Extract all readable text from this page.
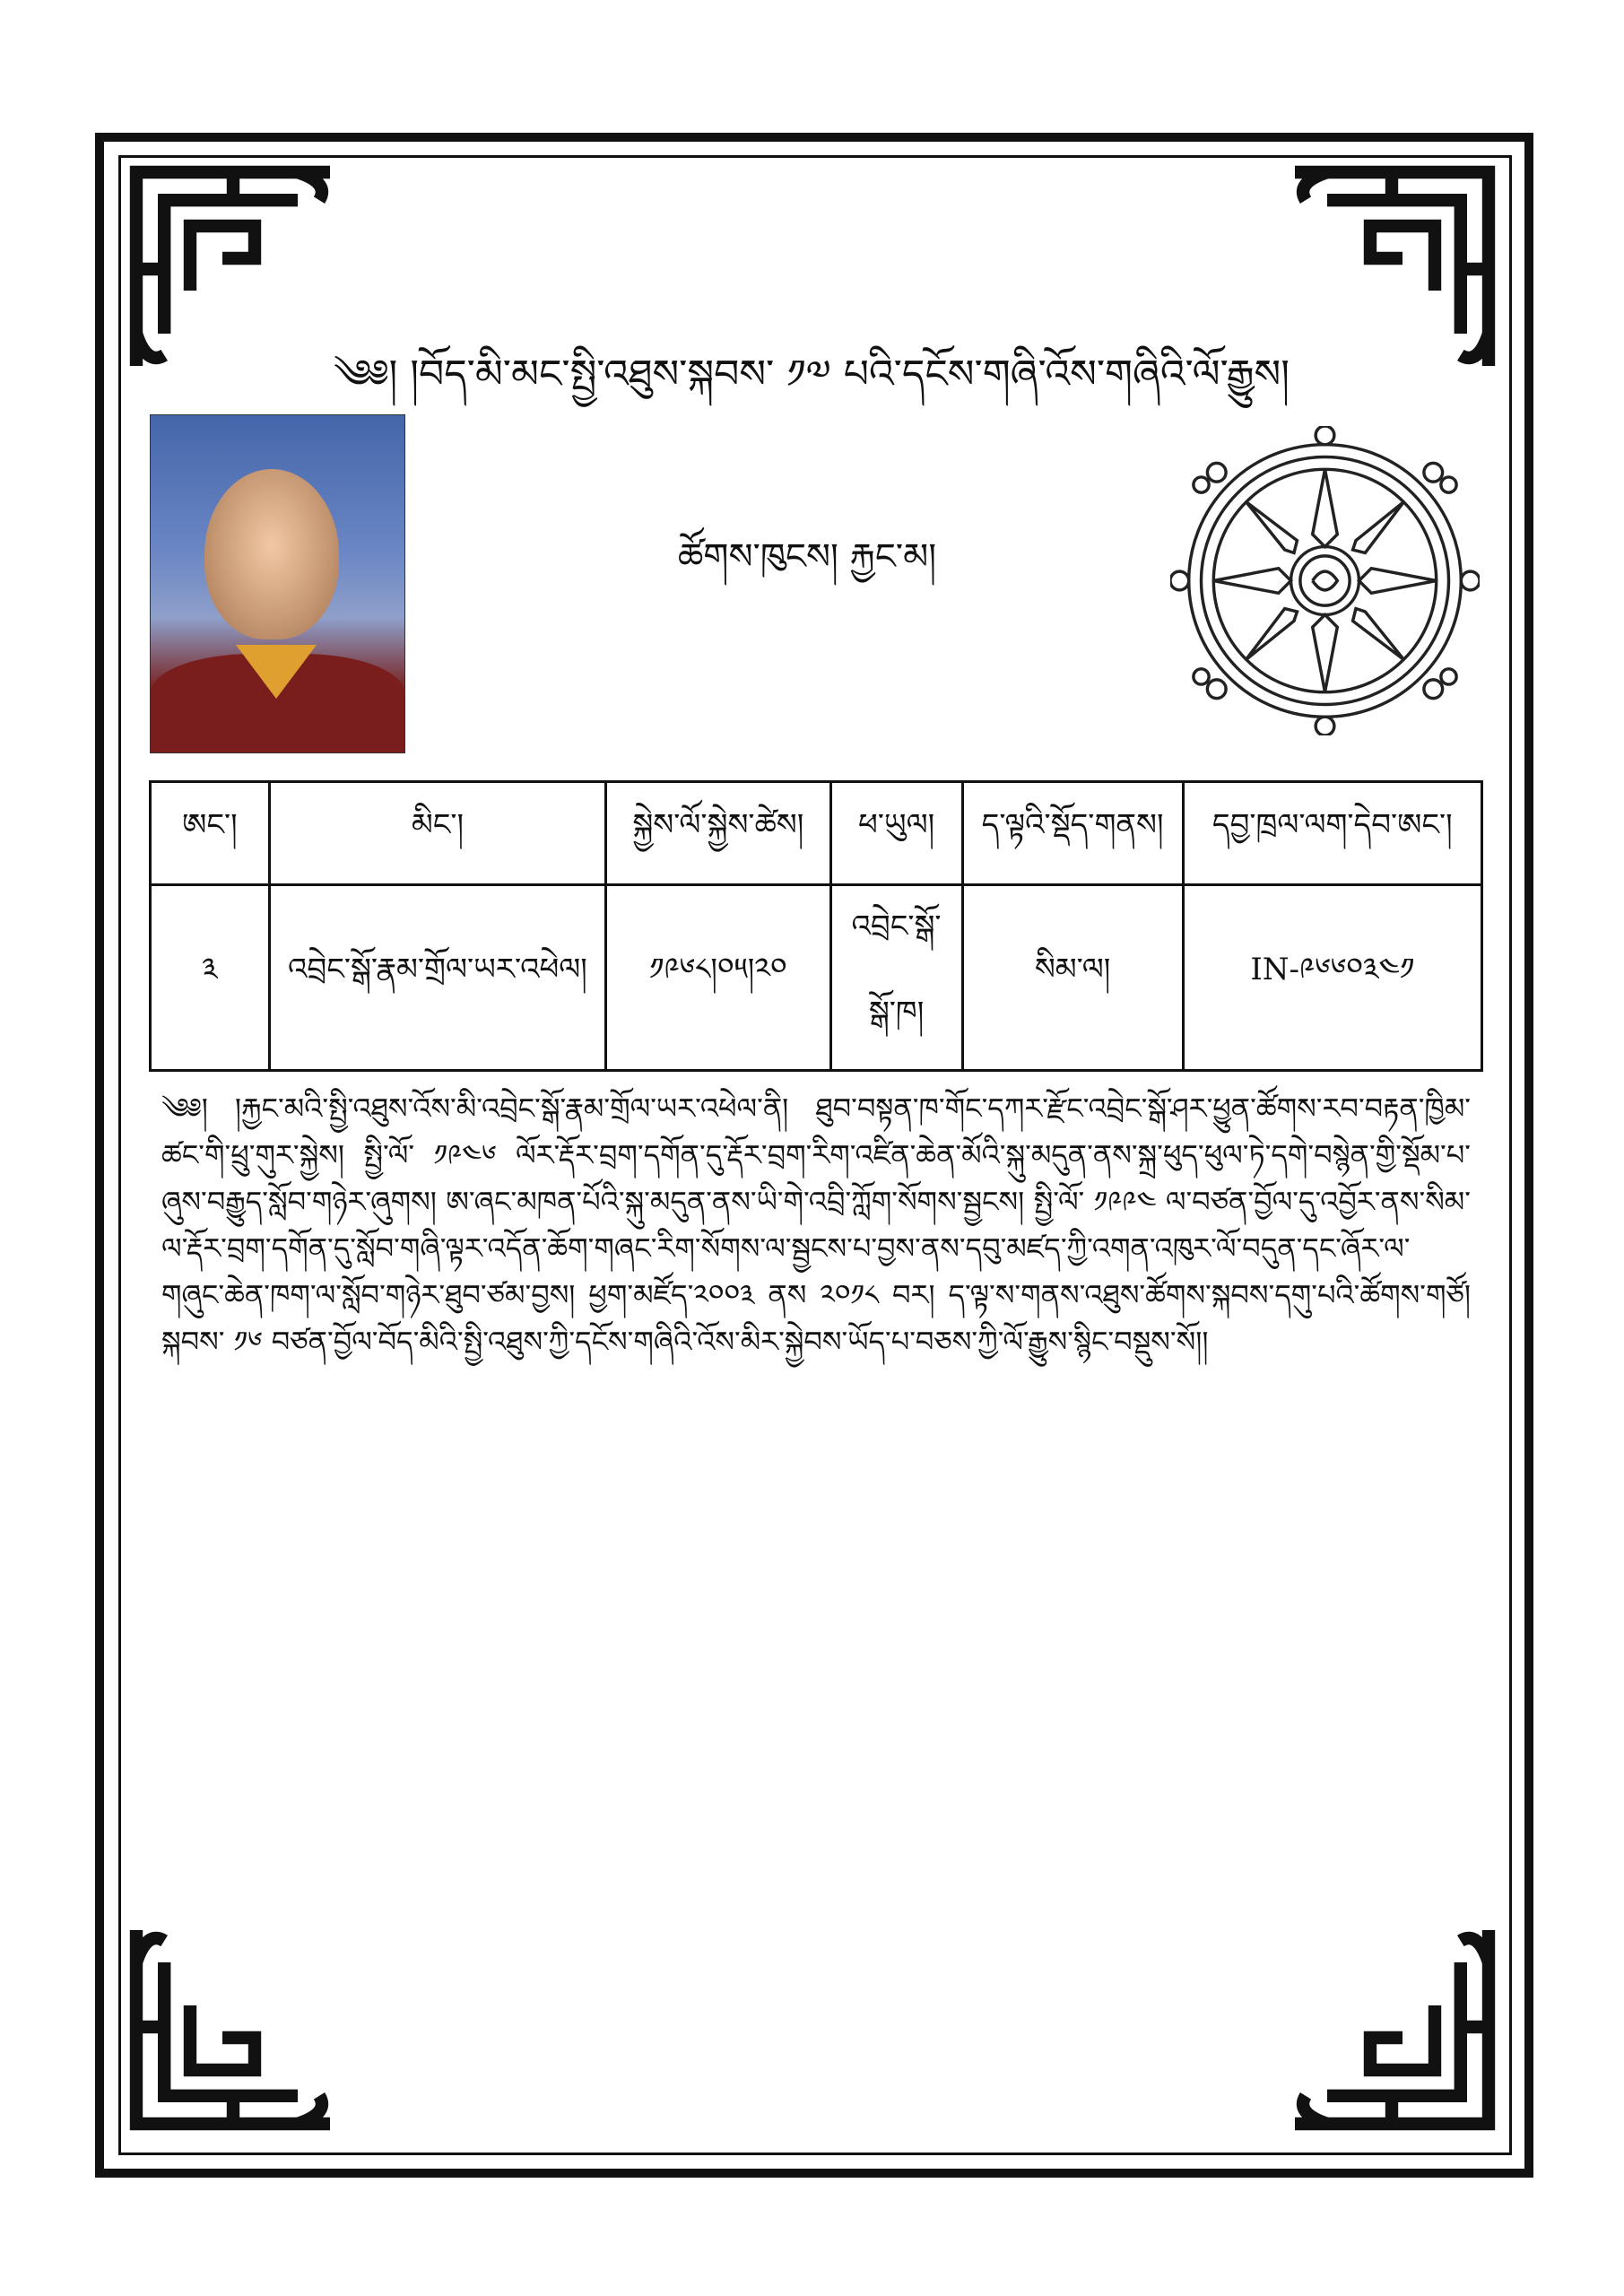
༄༅། །བོད་མི་མང་སྤྱི་འཐུས་སྐབས་ ༡༧ པའི་དངོས་གཞི་འོས་གཞིའི་ལོ་རྒྱུས།
ཚོགས་ཁུངས། རྐྱང་མ།
ཨང་།	མིང་།	སྐྱེས་ལོ་སྐྱེས་ཚེས།	ཕ་ཡུལ།	ད་ལྟའི་སྡོད་གནས།	དབྱ་ཁྲལ་ལག་དེབ་ཨང་།
༣	འབྲེང་སྒོ་རྣམ་གྲོལ་ཡར་འཕེལ།	༡༩༦༨།༠༥།༢༠	འབྲེང་སྒོ་ སྒོ་ཁ།	སིམ་ལ།	IN-༩༦༦༠༣༤༡
༄༅། །རྐྱང་མའི་སྤྱི་འཐུས་འོས་མི་འབྲེང་སྒོ་རྣམ་གྲོལ་ཡར་འཕེལ་ནི། ཐུབ་བསྟན་ཁ་གོང་དཀར་རྫོང་འབྲེང་སྒོ་ཤར་ཕྱུན་ཚོགས་རབ་བརྟན་ཁྱིམ་ཚང་གི་ཕྲུ་གུར་སྐྱེས། སྤྱི་ལོ་ ༡༩༤༦ ལོར་རྡོར་བྲག་དགོན་དུ་རྡོར་བྲག་རིག་འཛིན་ཆེན་མོའི་སྐུ་མདུན་ནས་སྐྲ་ཕུད་ཕུལ་ཏེ་དགེ་བསྙེན་གྱི་སྡོམ་པ་ཞུས་བརྒྱུད་སློབ་གཉེར་ཞུགས། ཨ་ཞང་མཁན་པོའི་སྐུ་མདུན་ནས་ཡི་གེ་འབྲི་ཀློག་སོགས་སྦྱངས། སྤྱི་ལོ་ ༡༩༩༤ ལ་བཙན་བྱོལ་དུ་འབྱོར་ནས་སིམ་ལ་རྡོར་བྲག་དགོན་དུ་སློབ་གཞི་ལྟར་འདོན་ཆོག་གཞང་རིག་སོགས་ལ་སྦྱངས་པ་བྱས་ནས་དབུ་མཛད་ཀྱི་འགན་འཁུར་ལོ་བདུན་དང་ཞོར་ལ་གཞུང་ཆེན་ཁག་ལ་སློབ་གཉེར་ཐུབ་ཙམ་བྱས། ཕྱག་མཛོད་༢༠༠༣ ནས ༢༠༡༨ བར། ད་ལྟ་ས་གནས་འཐུས་ཚོགས་སྐབས་དགུ་པའི་ཚོགས་གཙོ། སྐབས་ ༡༦ བཙན་བྱོལ་བོད་མིའི་སྤྱི་འཐུས་ཀྱི་དངོས་གཞིའི་འོས་མིར་སྐྱེབས་ཡོད་པ་བཅས་ཀྱི་ལོ་རྒྱུས་སྙིང་བསྡུས་སོ།།
